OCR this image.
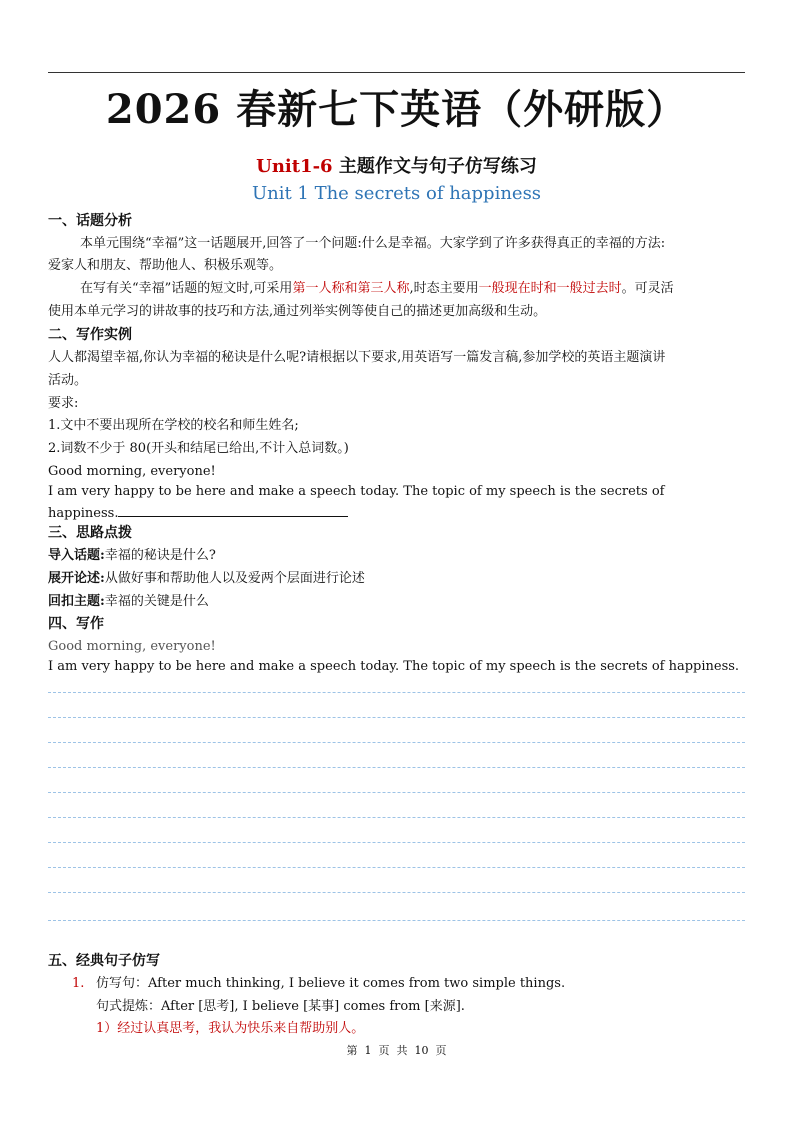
2026 春新七下英语（外研版）
Unit1-6 主题作文与句子仿写练习
Unit 1 The secrets of happiness
一、话题分析
本单元围绕“幸福”这一话题展开,回答了一个问题:什么是幸福。大家学到了许多获得真正的幸福的方法:
爱家人和朋友、帮助他人、积极乐观等。
在写有关“幸福”话题的短文时,可采用第一人称和第三人称,时态主要用一般现在时和一般过去时。可灵活
使用本单元学习的讲故事的技巧和方法,通过列举实例等使自己的描述更加高级和生动。
二、写作实例
人人都渴望幸福,你认为幸福的秘诀是什么呢?请根据以下要求,用英语写一篇发言稿,参加学校的英语主题演讲
活动。
要求:
1.文中不要出现所在学校的校名和师生姓名;
2.词数不少于 80(开头和结尾已给出,不计入总词数。)
Good morning, everyone!
I am very happy to be here and make a speech today. The topic of my speech is the secrets of
happiness.
三、思路点拨
导入话题:幸福的秘诀是什么?
展开论述:从做好事和帮助他人以及爱两个层面进行论述
回扣主题:幸福的关键是什么
四、写作
Good morning, everyone!
I am very happy to be here and make a speech today. The topic of my speech is the secrets of happiness.
五、经典句子仿写
1. 仿写句：After much thinking, I believe it comes from two simple things.
句式提炼：After [思考], I believe [某事] comes from [来源].
1）经过认真思考，我认为快乐来自帮助别人。
第  1  页  共  10  页
